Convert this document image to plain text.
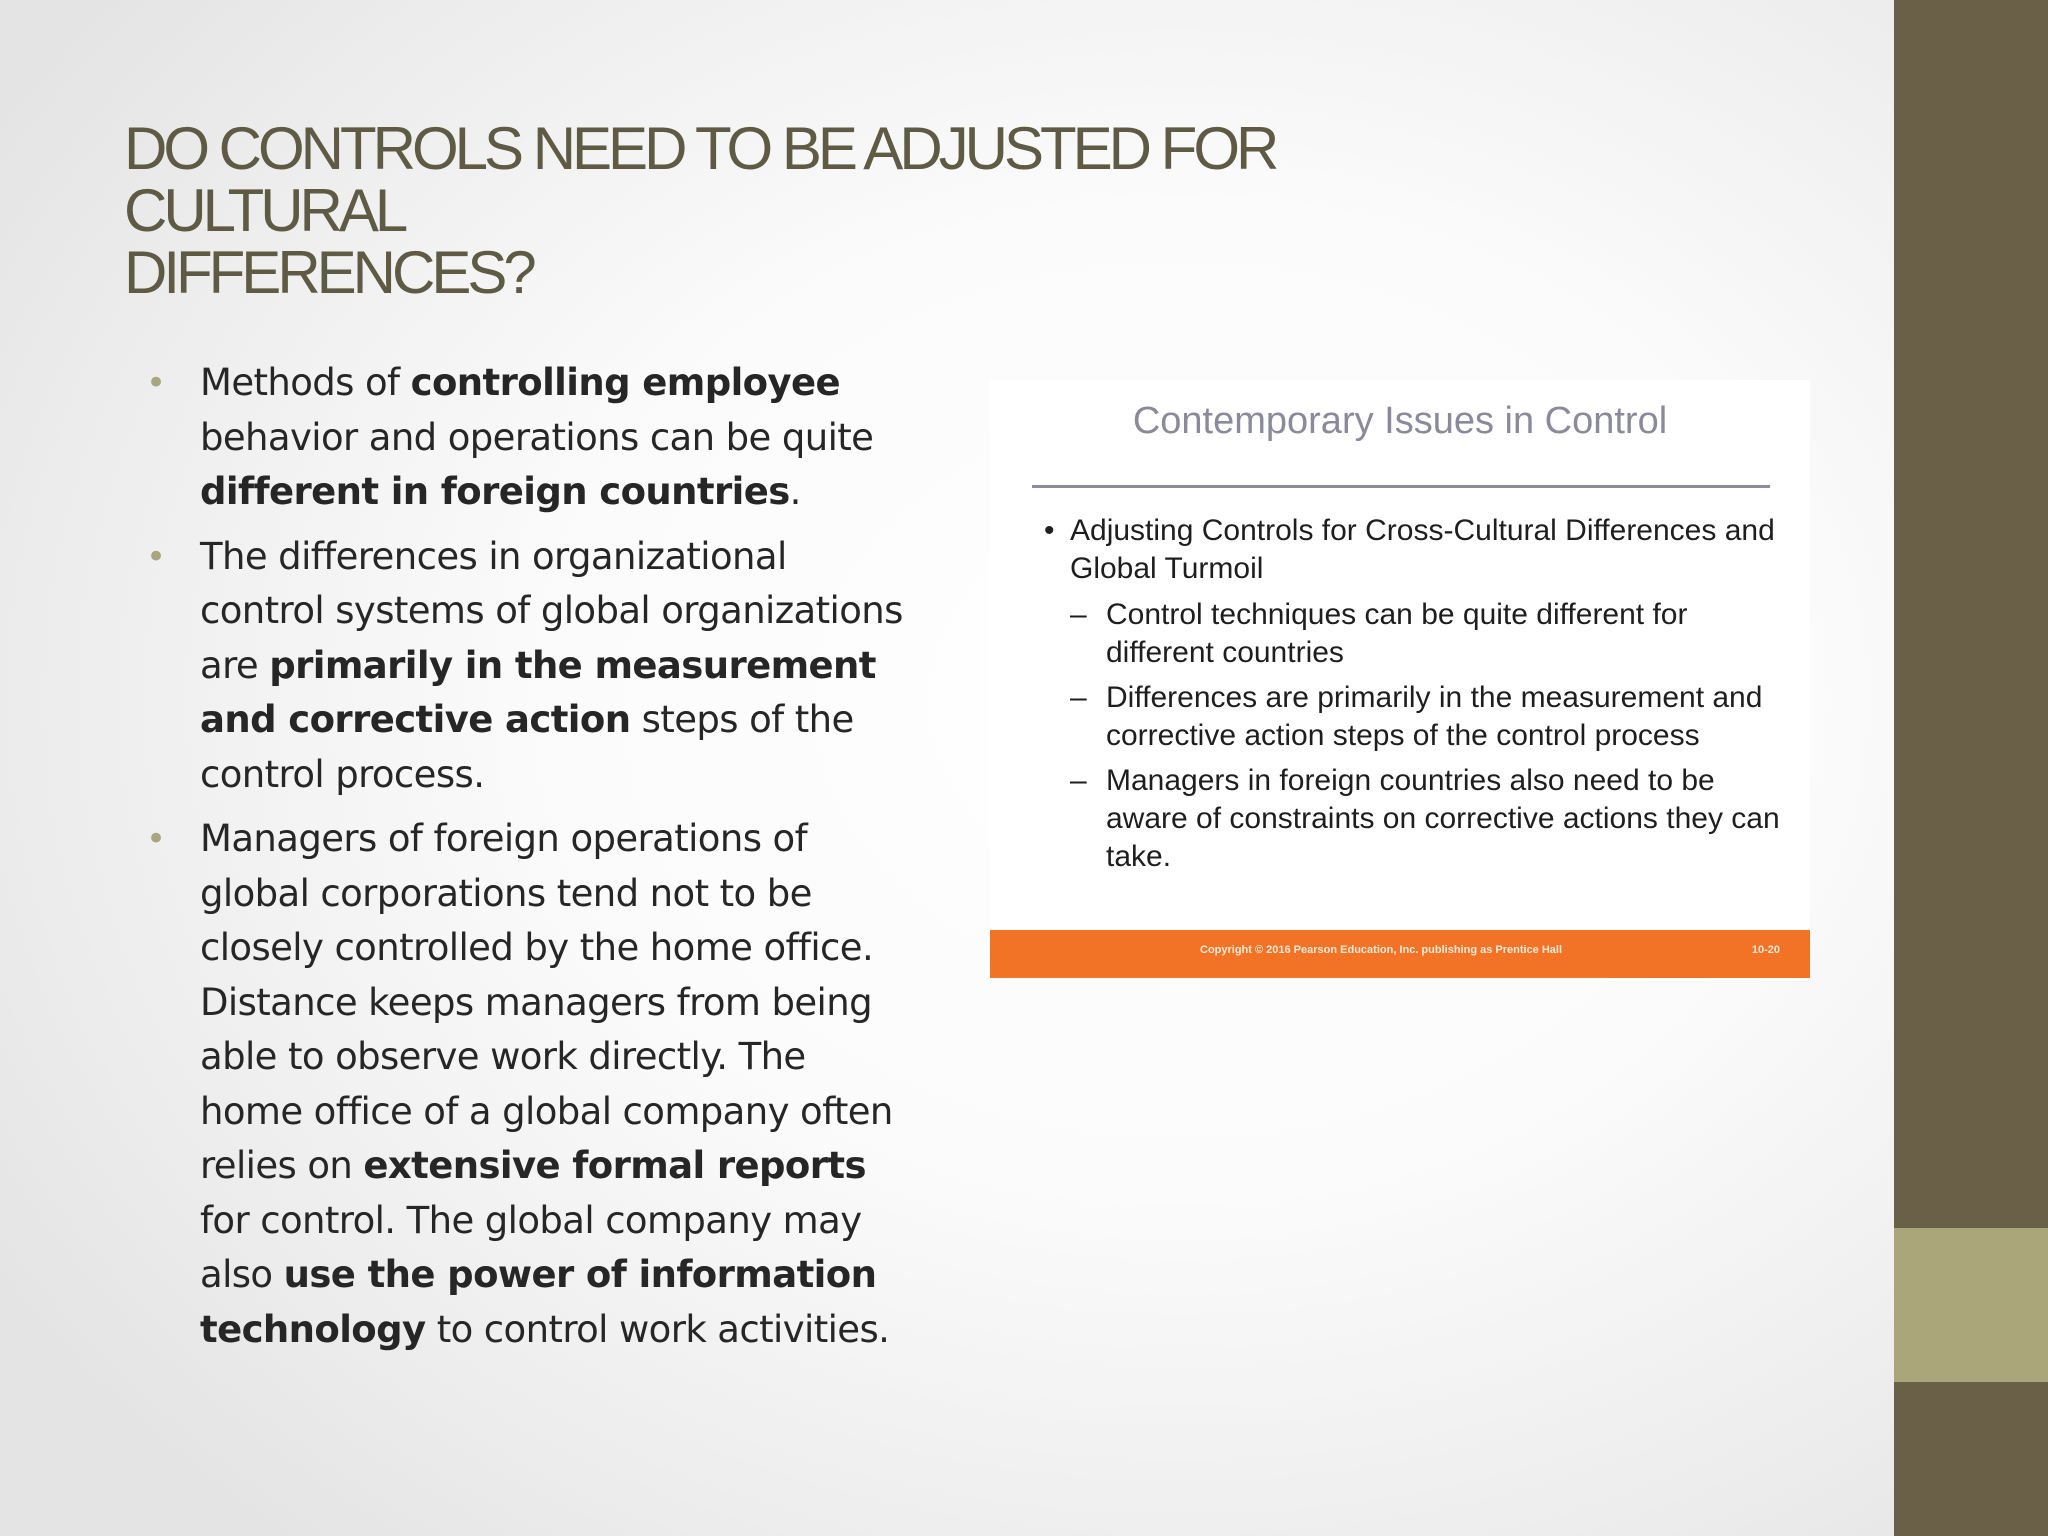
DO CONTROLS NEED TO BE ADJUSTED FOR CULTURAL
DIFFERENCES?
• Methods of controlling employee behavior and operations can be quite different in foreign countries.
• The differences in organizational control systems of global organizations are primarily in the measurement and corrective action steps of the control process.
• Managers of foreign operations of global corporations tend not to be closely controlled by the home office. Distance keeps managers from being able to observe work directly. The home office of a global company often relies on extensive formal reports for control. The global company may also use the power of information technology to control work activities.
Contemporary Issues in Control
• Adjusting Controls for Cross-Cultural Differences and Global Turmoil
– Control techniques can be quite different for different countries
– Differences are primarily in the measurement and corrective action steps of the control process
– Managers in foreign countries also need to be aware of constraints on corrective actions they can take.
Copyright © 2016 Pearson Education, Inc. publishing as Prentice Hall	10-20
